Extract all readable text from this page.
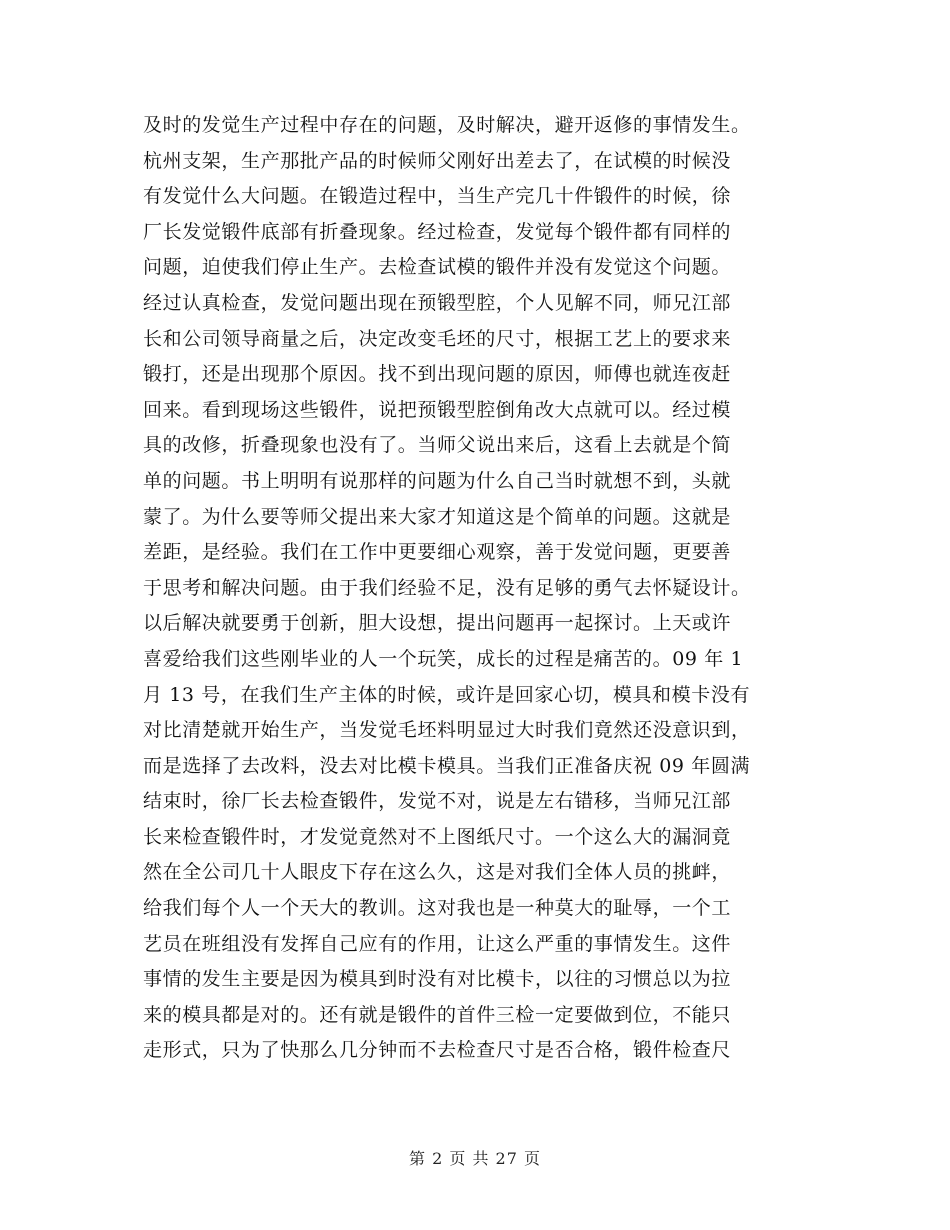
及时的发觉生产过程中存在的问题，及时解决，避开返修的事情发生。
杭州支架，生产那批产品的时候师父刚好出差去了，在试模的时候没
有发觉什么大问题。在锻造过程中，当生产完几十件锻件的时候，徐
厂长发觉锻件底部有折叠现象。经过检查，发觉每个锻件都有同样的
问题，迫使我们停止生产。去检查试模的锻件并没有发觉这个问题。
经过认真检查，发觉问题出现在预锻型腔，个人见解不同，师兄江部
长和公司领导商量之后，决定改变毛坯的尺寸，根据工艺上的要求来
锻打，还是出现那个原因。找不到出现问题的原因，师傅也就连夜赶
回来。看到现场这些锻件，说把预锻型腔倒角改大点就可以。经过模
具的改修，折叠现象也没有了。当师父说出来后，这看上去就是个简
单的问题。书上明明有说那样的问题为什么自己当时就想不到，头就
蒙了。为什么要等师父提出来大家才知道这是个简单的问题。这就是
差距，是经验。我们在工作中更要细心观察，善于发觉问题，更要善
于思考和解决问题。由于我们经验不足，没有足够的勇气去怀疑设计。
以后解决就要勇于创新，胆大设想，提出问题再一起探讨。上天或许
喜爱给我们这些刚毕业的人一个玩笑，成长的过程是痛苦的。09 年 1
月 13 号，在我们生产主体的时候，或许是回家心切，模具和模卡没有
对比清楚就开始生产，当发觉毛坯料明显过大时我们竟然还没意识到，
而是选择了去改料，没去对比模卡模具。当我们正准备庆祝 09 年圆满
结束时，徐厂长去检查锻件，发觉不对，说是左右错移，当师兄江部
长来检查锻件时，才发觉竟然对不上图纸尺寸。一个这么大的漏洞竟
然在全公司几十人眼皮下存在这么久，这是对我们全体人员的挑衅，
给我们每个人一个天大的教训。这对我也是一种莫大的耻辱，一个工
艺员在班组没有发挥自己应有的作用，让这么严重的事情发生。这件
事情的发生主要是因为模具到时没有对比模卡，以往的习惯总以为拉
来的模具都是对的。还有就是锻件的首件三检一定要做到位，不能只
走形式，只为了快那么几分钟而不去检查尺寸是否合格，锻件检查尺
第 2 页 共 27 页
